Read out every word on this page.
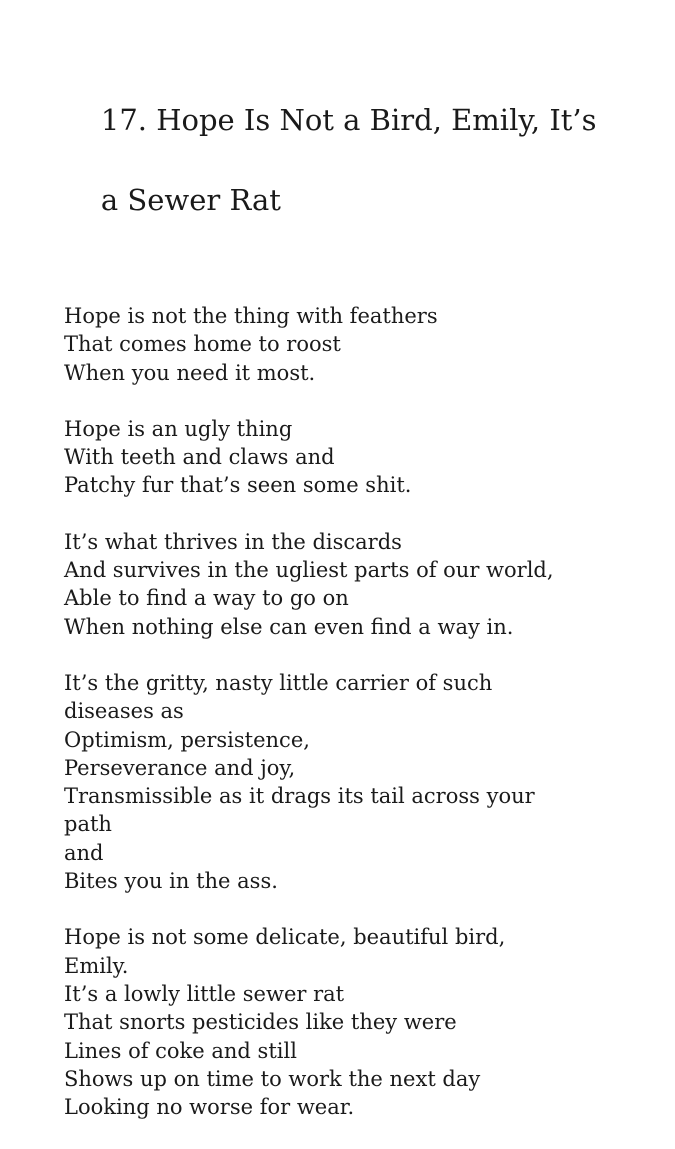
17. Hope Is Not a Bird, Emily, It’s

a Sewer Rat

Hope is not the thing with feathers
That comes home to roost
When you need it most.
Hope is an ugly thing
With teeth and claws and
Patchy fur that’s seen some shit.
It’s what thrives in the discards
And survives in the ugliest parts of our world,
Able to find a way to go on
When nothing else can even find a way in.
It’s the gritty, nasty little carrier of such
diseases as
Optimism, persistence,
Perseverance and joy,
Transmissible as it drags its tail across your
path
and
Bites you in the ass.
Hope is not some delicate, beautiful bird,
Emily.
It’s a lowly little sewer rat
That snorts pesticides like they were
Lines of coke and still
Shows up on time to work the next day
Looking no worse for wear.
